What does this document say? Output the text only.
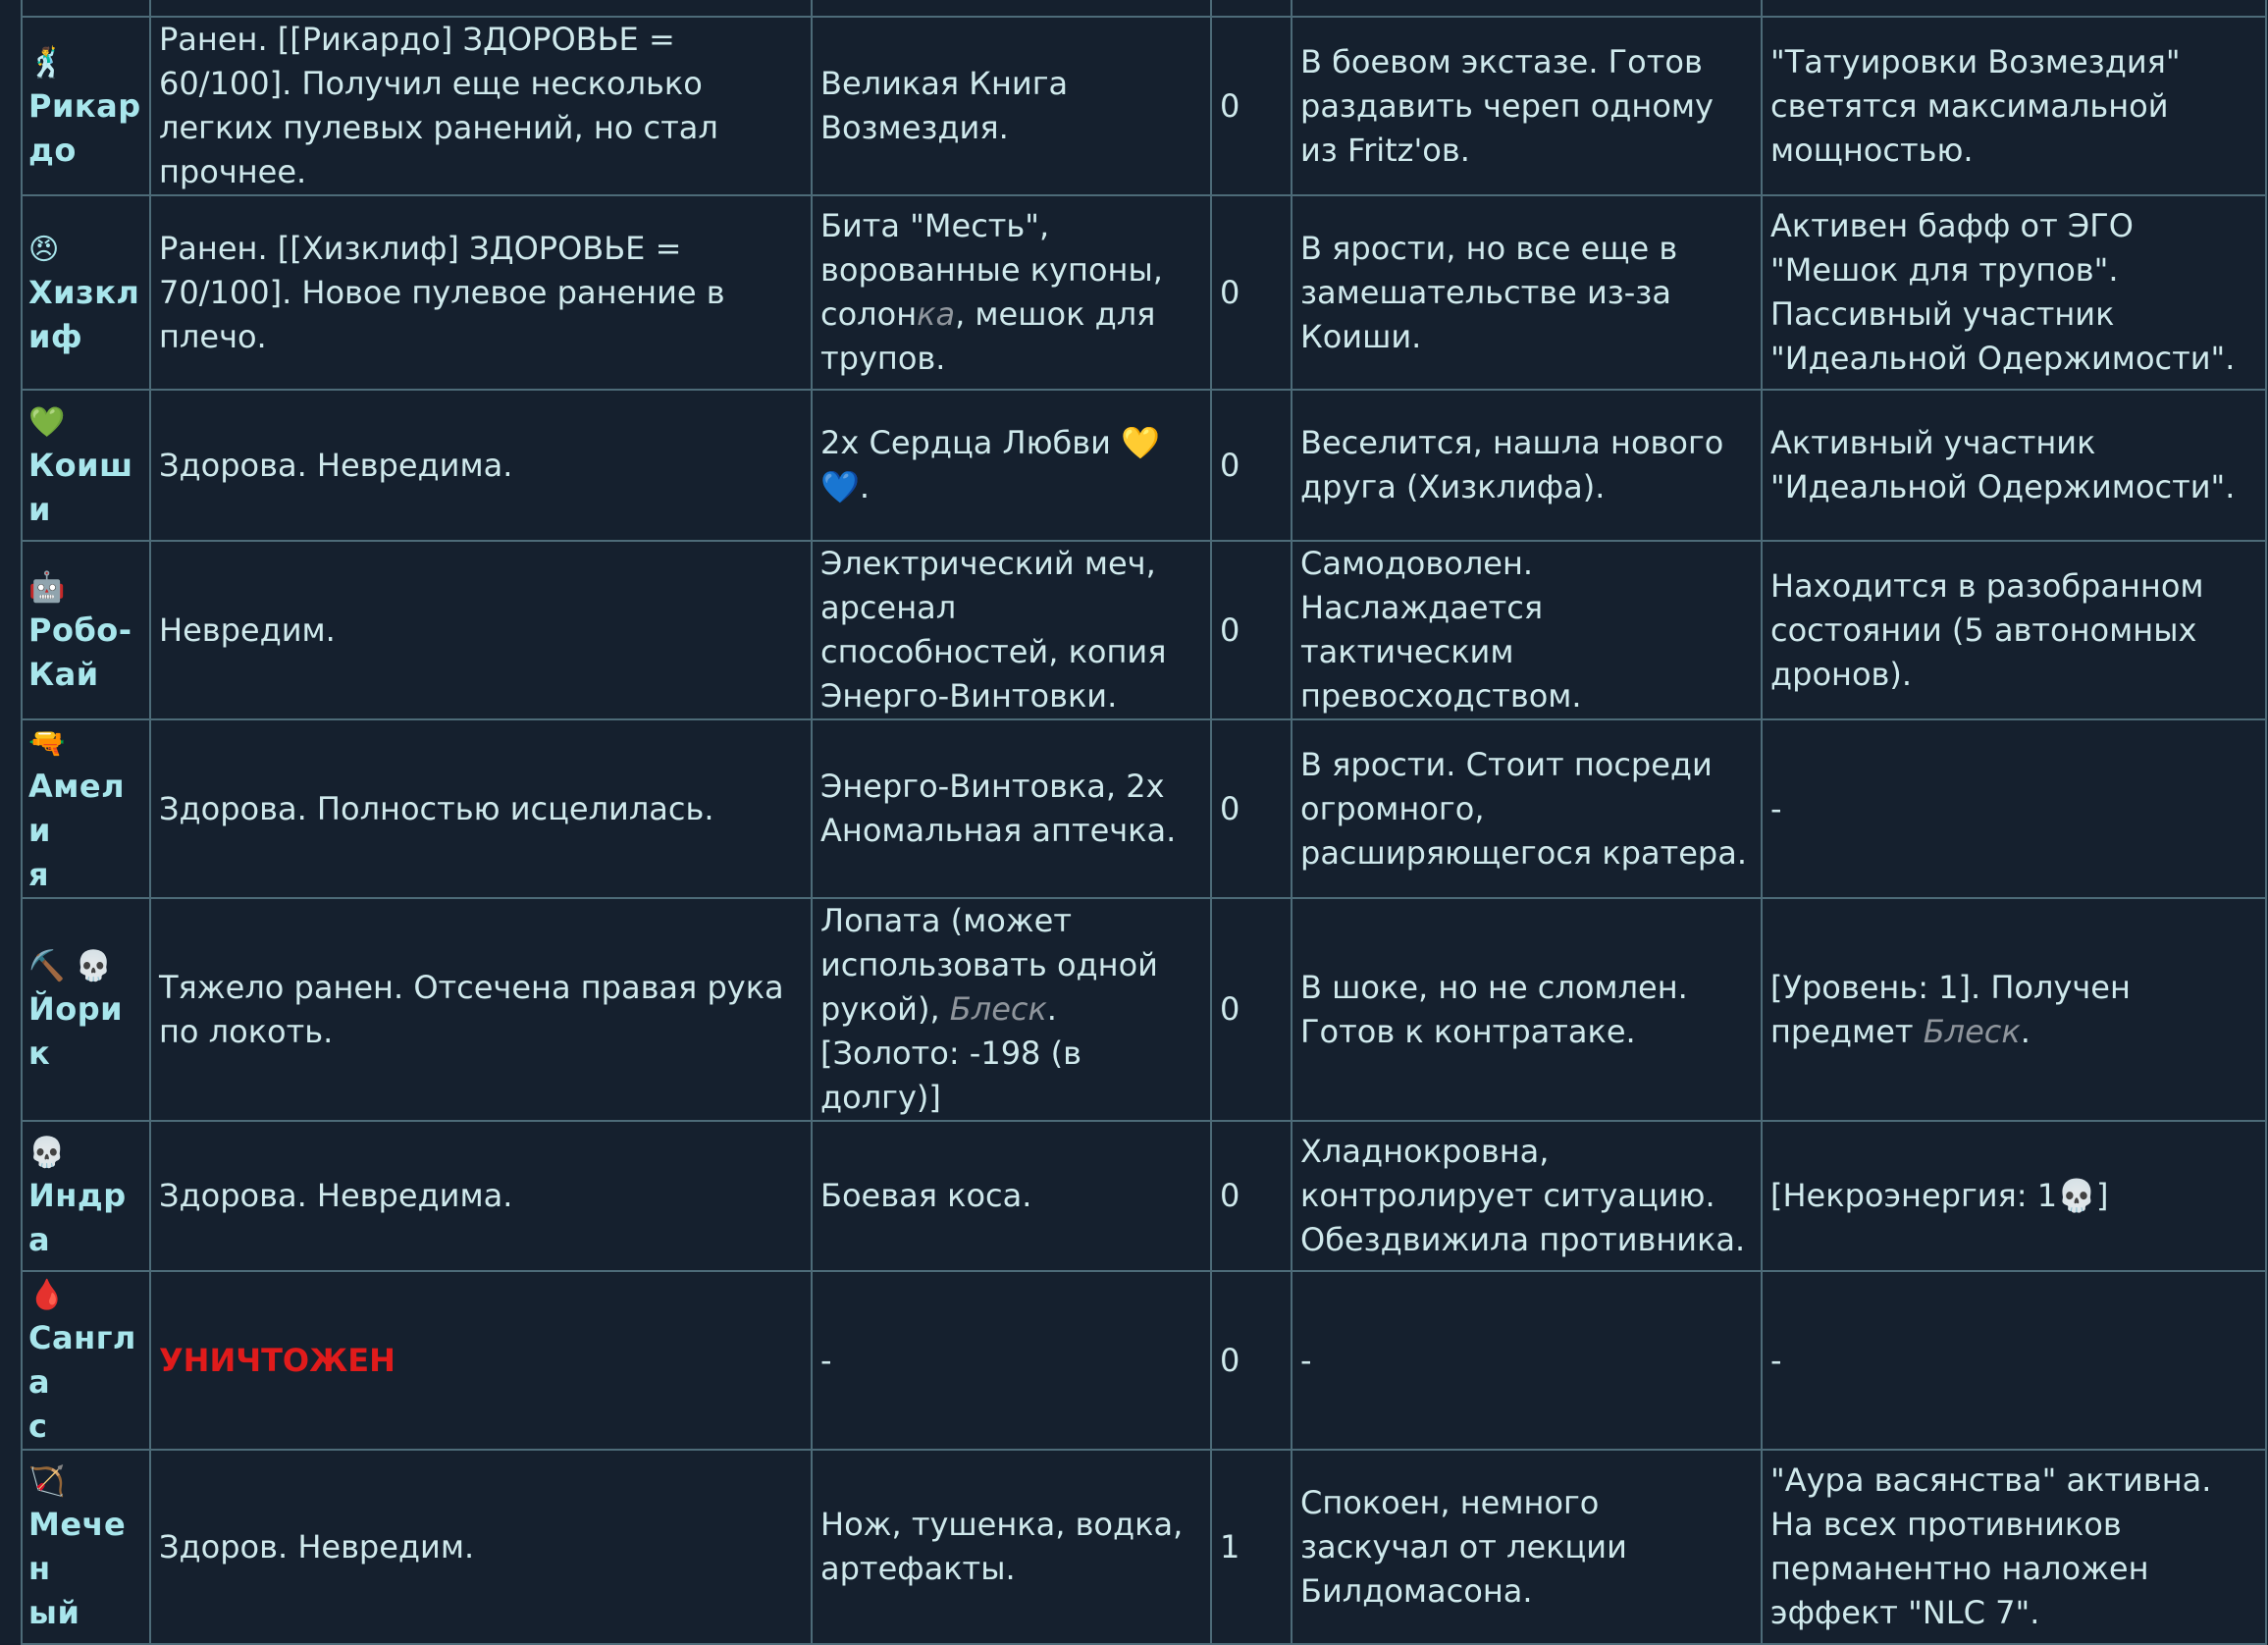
🕺
Рикар
до	Ранен. [[Рикардо] ЗДОРОВЬЕ = 60/100]. Получил еще несколько легких пулевых ранений, но стал прочнее.	Великая Книга Возмездия.	0	В боевом экстазе. Готов раздавить череп одному из Fritz'ов.	"Татуировки Возмездия" светятся максимальной мощностью.
😠
Хизкл
иф	Ранен. [[Хизклиф] ЗДОРОВЬЕ = 70/100]. Новое пулевое ранение в плечо.	Бита "Месть", ворованные купоны, солонка, мешок для трупов.	0	В ярости, но все еще в замешательстве из-за Коиши.	Активен бафф от ЭГО "Мешок для трупов". Пассивный участник "Идеальной Одержимости".
💚
Коиш
и	Здорова. Невредима.	2x Сердца Любви 💛 💙.	0	Веселится, нашла нового друга (Хизклифа).	Активный участник "Идеальной Одержимости".
🤖
Робо-
Кай	Невредим.	Электрический меч, арсенал способностей, копия Энерго-Винтовки.	0	Самодоволен. Наслаждается тактическим превосходством.	Находится в разобранном состоянии (5 автономных дронов).
🔫
Амели
я	Здорова. Полностью исцелилась.	Энерго-Винтовка, 2x Аномальная аптечка.	0	В ярости. Стоит посреди огромного, расширяющегося кратера.	-
⛏️ 💀
Йорик	Тяжело ранен. Отсечена правая рука по локоть.	Лопата (может использовать одной рукой), Блеск. [Золото: -198 (в долгу)]	0	В шоке, но не сломлен. Готов к контратаке.	[Уровень: 1]. Получен предмет Блеск.
💀
Индра	Здорова. Невредима.	Боевая коса.	0	Хладнокровна, контролирует ситуацию. Обездвижила противника.	[Некроэнергия: 1💀]
🩸
Сангла
с	УНИЧТОЖЕН	-	0	-	-
🏹
Мечен
ый	Здоров. Невредим.	Нож, тушенка, водка, артефакты.	1	Спокоен, немного заскучал от лекции Билдомасона.	"Аура васянства" активна. На всех противников перманентно наложен эффект "NLC 7".
